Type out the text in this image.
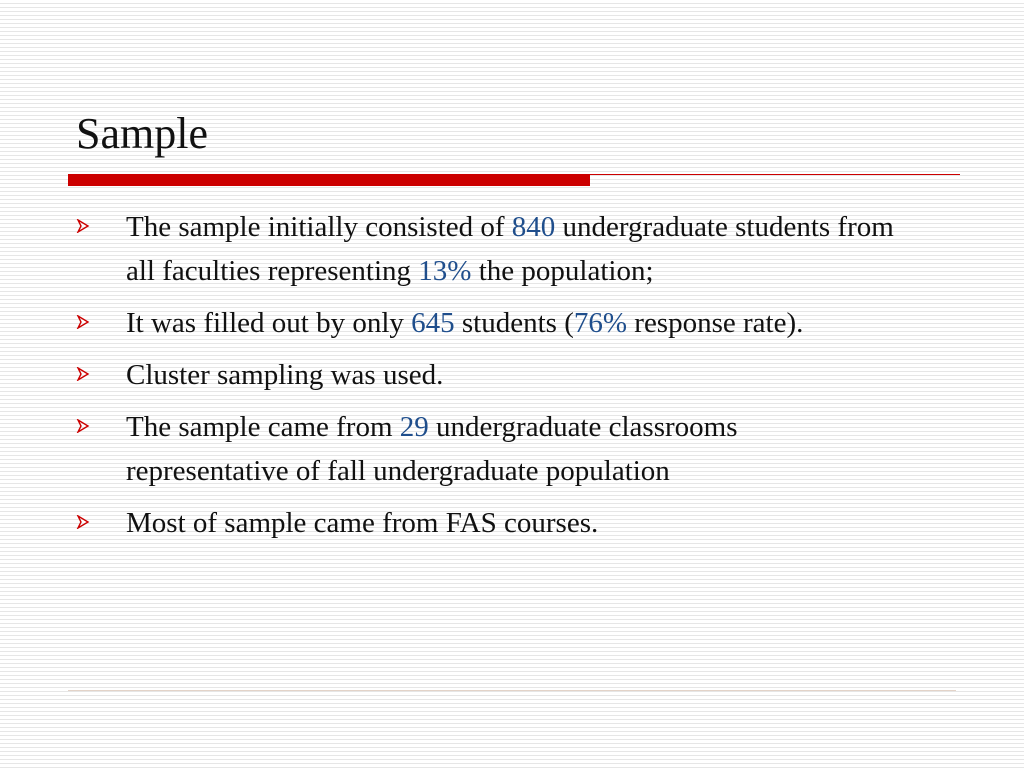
Sample
The sample initially consisted of 840 undergraduate students from all faculties representing 13% the population;
It was filled out by only 645 students (76% response rate).
Cluster sampling was used.
The sample came from 29 undergraduate classrooms representative of fall undergraduate population
Most of sample came from FAS courses.
